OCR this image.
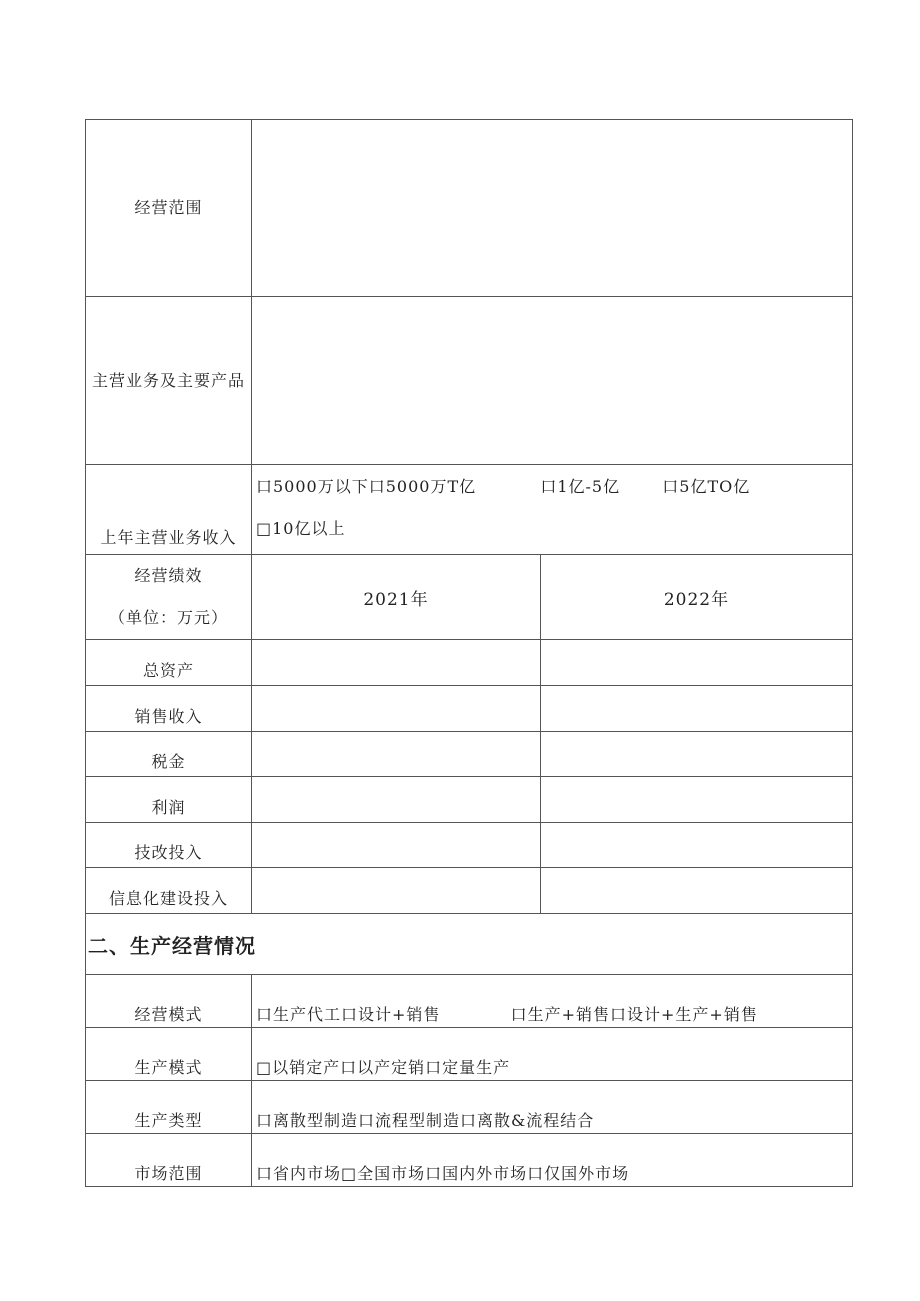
经营范围		
主营业务及主要产品		
上年主营业务收入	口5000万以下口5000万T亿 口1亿-5亿 口5亿TO亿
□10亿以上	

经营绩效
（单位：万元）	2021年	2022年
总资产		
销售收入		
税金		
利润		
技改投入		
信息化建设投入		
二、生产经营情况		
经营模式	口生产代工口设计+销售 口生产+销售口设计+生产+销售	
生产模式	□以销定产口以产定销口定量生产	
生产类型	口离散型制造口流程型制造口离散&流程结合	
市场范围	口省内市场□全国市场口国内外市场口仅国外市场	
